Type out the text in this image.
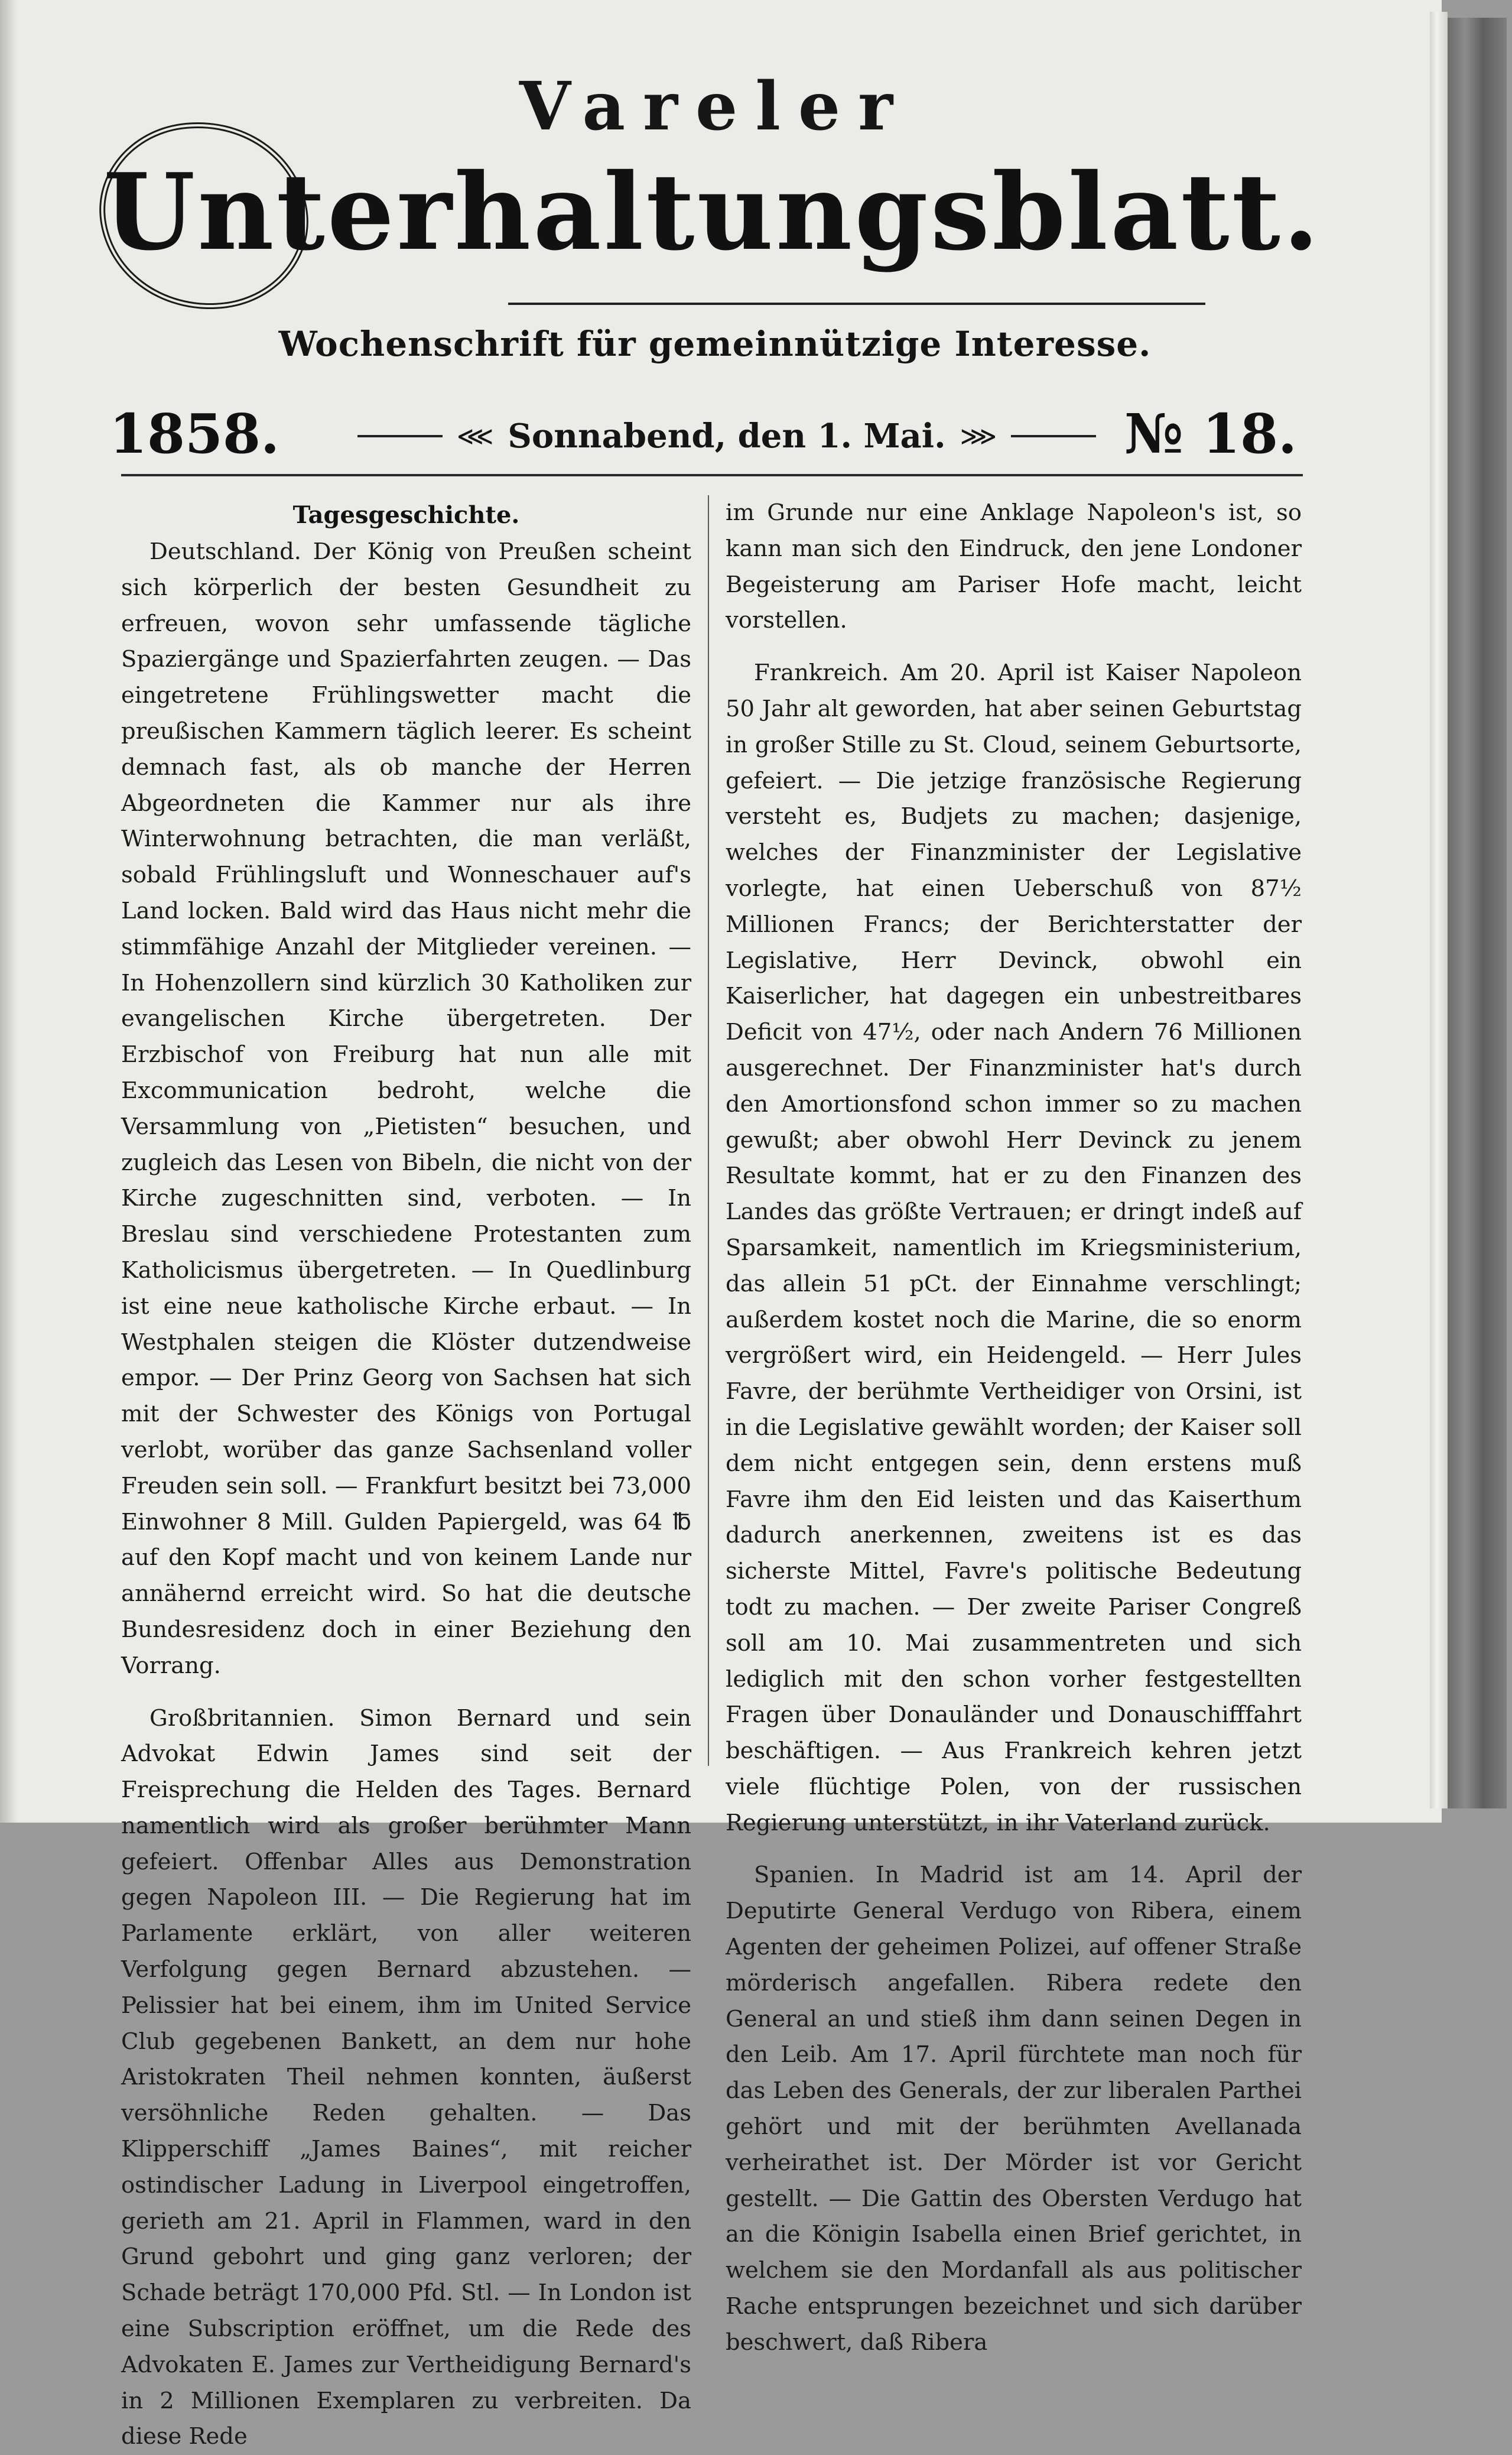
Vareler
Unterhaltungsblatt.
Wochenschrift für gemeinnützige Interesse.
1858.	⋘ Sonnabend, den 1. Mai. ⋙ № 18.
Tagesgeschichte.

Deutschland. Der König von Preußen scheint sich körperlich der besten Gesundheit zu erfreuen, wovon sehr umfassende tägliche Spaziergänge und Spazierfahrten zeugen. — Das eingetretene Frühlingswetter macht die preußischen Kammern täglich leerer. Es scheint demnach fast, als ob manche der Herren Abgeordneten die Kammer nur als ihre Winterwohnung betrachten, die man verläßt, sobald Frühlingsluft und Wonneschauer auf's Land locken. Bald wird das Haus nicht mehr die stimmfähige Anzahl der Mitglieder vereinen. — In Hohenzollern sind kürzlich 30 Katholiken zur evangelischen Kirche übergetreten. Der Erzbischof von Freiburg hat nun alle mit Excommunication bedroht, welche die Versammlung von „Pietisten“ besuchen, und zugleich das Lesen von Bibeln, die nicht von der Kirche zugeschnitten sind, verboten. — In Breslau sind verschiedene Protestanten zum Katholicismus übergetreten. — In Quedlinburg ist eine neue katholische Kirche erbaut. — In Westphalen steigen die Klöster dutzendweise empor. — Der Prinz Georg von Sachsen hat sich mit der Schwester des Königs von Portugal verlobt, worüber das ganze Sachsenland voller Freuden sein soll. — Frankfurt besitzt bei 73,000 Einwohner 8 Mill. Gulden Papiergeld, was 64 ℔ auf den Kopf macht und von keinem Lande nur annähernd erreicht wird. So hat die deutsche Bundesresidenz doch in einer Beziehung den Vorrang.

Großbritannien. Simon Bernard und sein Advokat Edwin James sind seit der Freisprechung die Helden des Tages. Bernard namentlich wird als großer berühmter Mann gefeiert. Offenbar Alles aus Demonstration gegen Napoleon III. — Die Regierung hat im Parlamente erklärt, von aller weiteren Verfolgung gegen Bernard abzustehen. — Pelissier hat bei einem, ihm im United Service Club gegebenen Bankett, an dem nur hohe Aristokraten Theil nehmen konnten, äußerst versöhnliche Reden gehalten. — Das Klipperschiff „James Baines“, mit reicher ostindischer Ladung in Liverpool eingetroffen, gerieth am 21. April in Flammen, ward in den Grund gebohrt und ging ganz verloren; der Schade beträgt 170,000 Pfd. Stl. — In London ist eine Subscription eröffnet, um die Rede des Advokaten E. James zur Vertheidigung Bernard's in 2 Millionen Exemplaren zu verbreiten. Da diese Rede

im Grunde nur eine Anklage Napoleon's ist, so kann man sich den Eindruck, den jene Londoner Begeisterung am Pariser Hofe macht, leicht vorstellen.

Frankreich. Am 20. April ist Kaiser Napoleon 50 Jahr alt geworden, hat aber seinen Geburtstag in großer Stille zu St. Cloud, seinem Geburtsorte, gefeiert. — Die jetzige französische Regierung versteht es, Budjets zu machen; dasjenige, welches der Finanzminister der Legislative vorlegte, hat einen Ueberschuß von 87½ Millionen Francs; der Berichterstatter der Legislative, Herr Devinck, obwohl ein Kaiserlicher, hat dagegen ein unbestreitbares Deficit von 47½, oder nach Andern 76 Millionen ausgerechnet. Der Finanzminister hat's durch den Amortionsfond schon immer so zu machen gewußt; aber obwohl Herr Devinck zu jenem Resultate kommt, hat er zu den Finanzen des Landes das größte Vertrauen; er dringt indeß auf Sparsamkeit, namentlich im Kriegsministerium, das allein 51 pCt. der Einnahme verschlingt; außerdem kostet noch die Marine, die so enorm vergrößert wird, ein Heidengeld. — Herr Jules Favre, der berühmte Vertheidiger von Orsini, ist in die Legislative gewählt worden; der Kaiser soll dem nicht entgegen sein, denn erstens muß Favre ihm den Eid leisten und das Kaiserthum dadurch anerkennen, zweitens ist es das sicherste Mittel, Favre's politische Bedeutung todt zu machen. — Der zweite Pariser Congreß soll am 10. Mai zusammentreten und sich lediglich mit den schon vorher festgestellten Fragen über Donauländer und Donauschifffahrt beschäftigen. — Aus Frankreich kehren jetzt viele flüchtige Polen, von der russischen Regierung unterstützt, in ihr Vaterland zurück.

Spanien. In Madrid ist am 14. April der Deputirte General Verdugo von Ribera, einem Agenten der geheimen Polizei, auf offener Straße mörderisch angefallen. Ribera redete den General an und stieß ihm dann seinen Degen in den Leib. Am 17. April fürchtete man noch für das Leben des Generals, der zur liberalen Parthei gehört und mit der berühmten Avellanada verheirathet ist. Der Mörder ist vor Gericht gestellt. — Die Gattin des Obersten Verdugo hat an die Königin Isabella einen Brief gerichtet, in welchem sie den Mordanfall als aus politischer Rache entsprungen bezeichnet und sich darüber beschwert, daß Ribera
